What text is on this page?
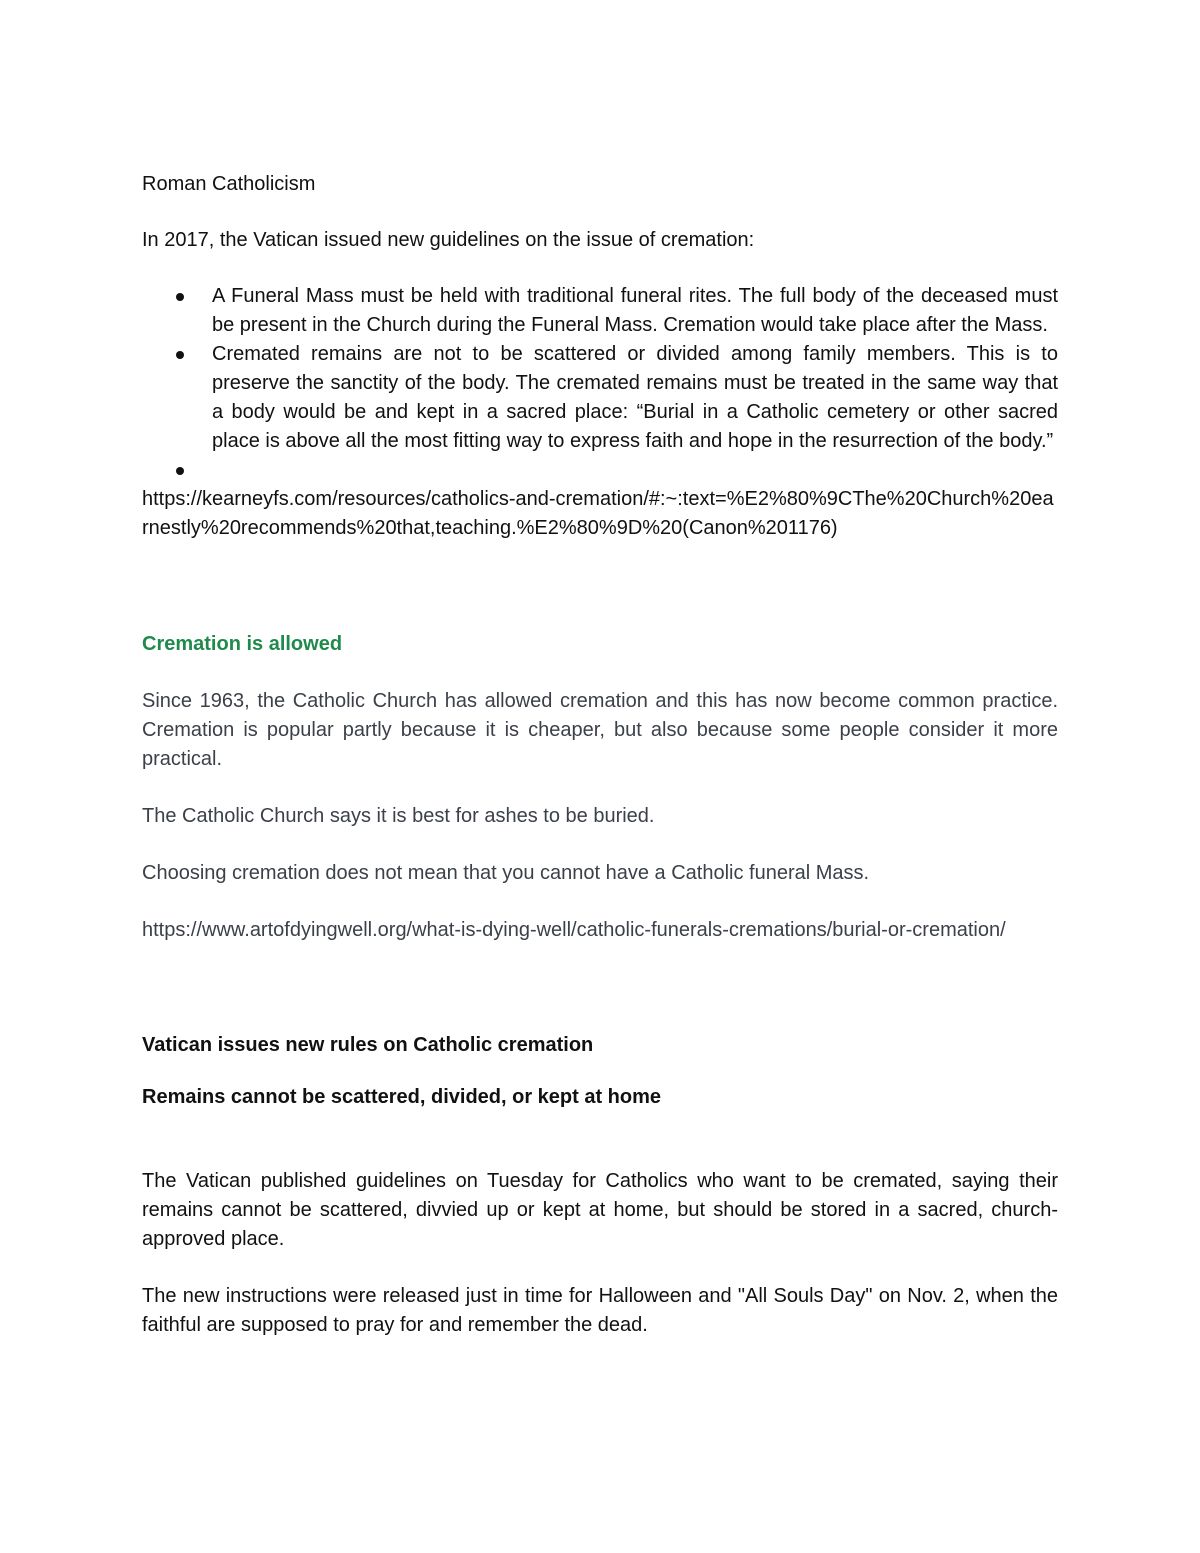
Roman Catholicism

In 2017, the Vatican issued new guidelines on the issue of cremation:

A Funeral Mass must be held with traditional funeral rites. The full body of the deceased must be present in the Church during the Funeral Mass. Cremation would take place after the Mass.
Cremated remains are not to be scattered or divided among family members. This is to preserve the sanctity of the body. The cremated remains must be treated in the same way that a body would be and kept in a sacred place: “Burial in a Catholic cemetery or other sacred place is above all the most fitting way to express faith and hope in the resurrection of the body.”

https://kearneyfs.com/resources/catholics-and-cremation/#:~:text=%E2%80%9CThe%20Church%20earnestly%20recommends%20that,teaching.%E2%80%9D%20(Canon%201176)

Cremation is allowed

Since 1963, the Catholic Church has allowed cremation and this has now become common practice. Cremation is popular partly because it is cheaper, but also because some people consider it more practical.

The Catholic Church says it is best for ashes to be buried.

Choosing cremation does not mean that you cannot have a Catholic funeral Mass.

https://www.artofdyingwell.org/what-is-dying-well/catholic-funerals-cremations/burial-or-cremation/

Vatican issues new rules on Catholic cremation

Remains cannot be scattered, divided, or kept at home

The Vatican published guidelines on Tuesday for Catholics who want to be cremated, saying their remains cannot be scattered, divvied up or kept at home, but should be stored in a sacred, church-approved place.

The new instructions were released just in time for Halloween and "All Souls Day" on Nov. 2, when the faithful are supposed to pray for and remember the dead.
